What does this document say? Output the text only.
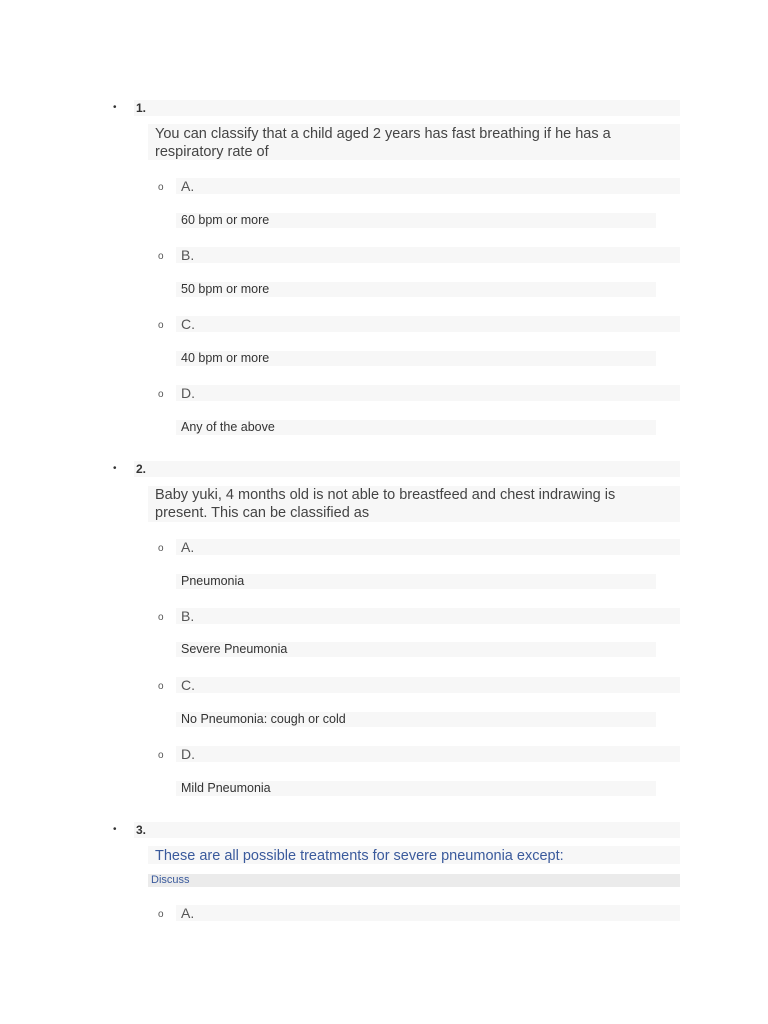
• 1.
You can classify that a child aged 2 years has fast breathing if he has a respiratory rate of
o A.
60 bpm or more
o B.
50 bpm or more
o C.
40 bpm or more
o D.
Any of the above
• 2.
Baby yuki, 4 months old is not able to breastfeed and chest indrawing is present. This can be classified as
o A.
Pneumonia
o B.
Severe Pneumonia
o C.
No Pneumonia: cough or cold
o D.
Mild Pneumonia
• 3.
These are all possible treatments for severe pneumonia except:
Discuss
o A.
